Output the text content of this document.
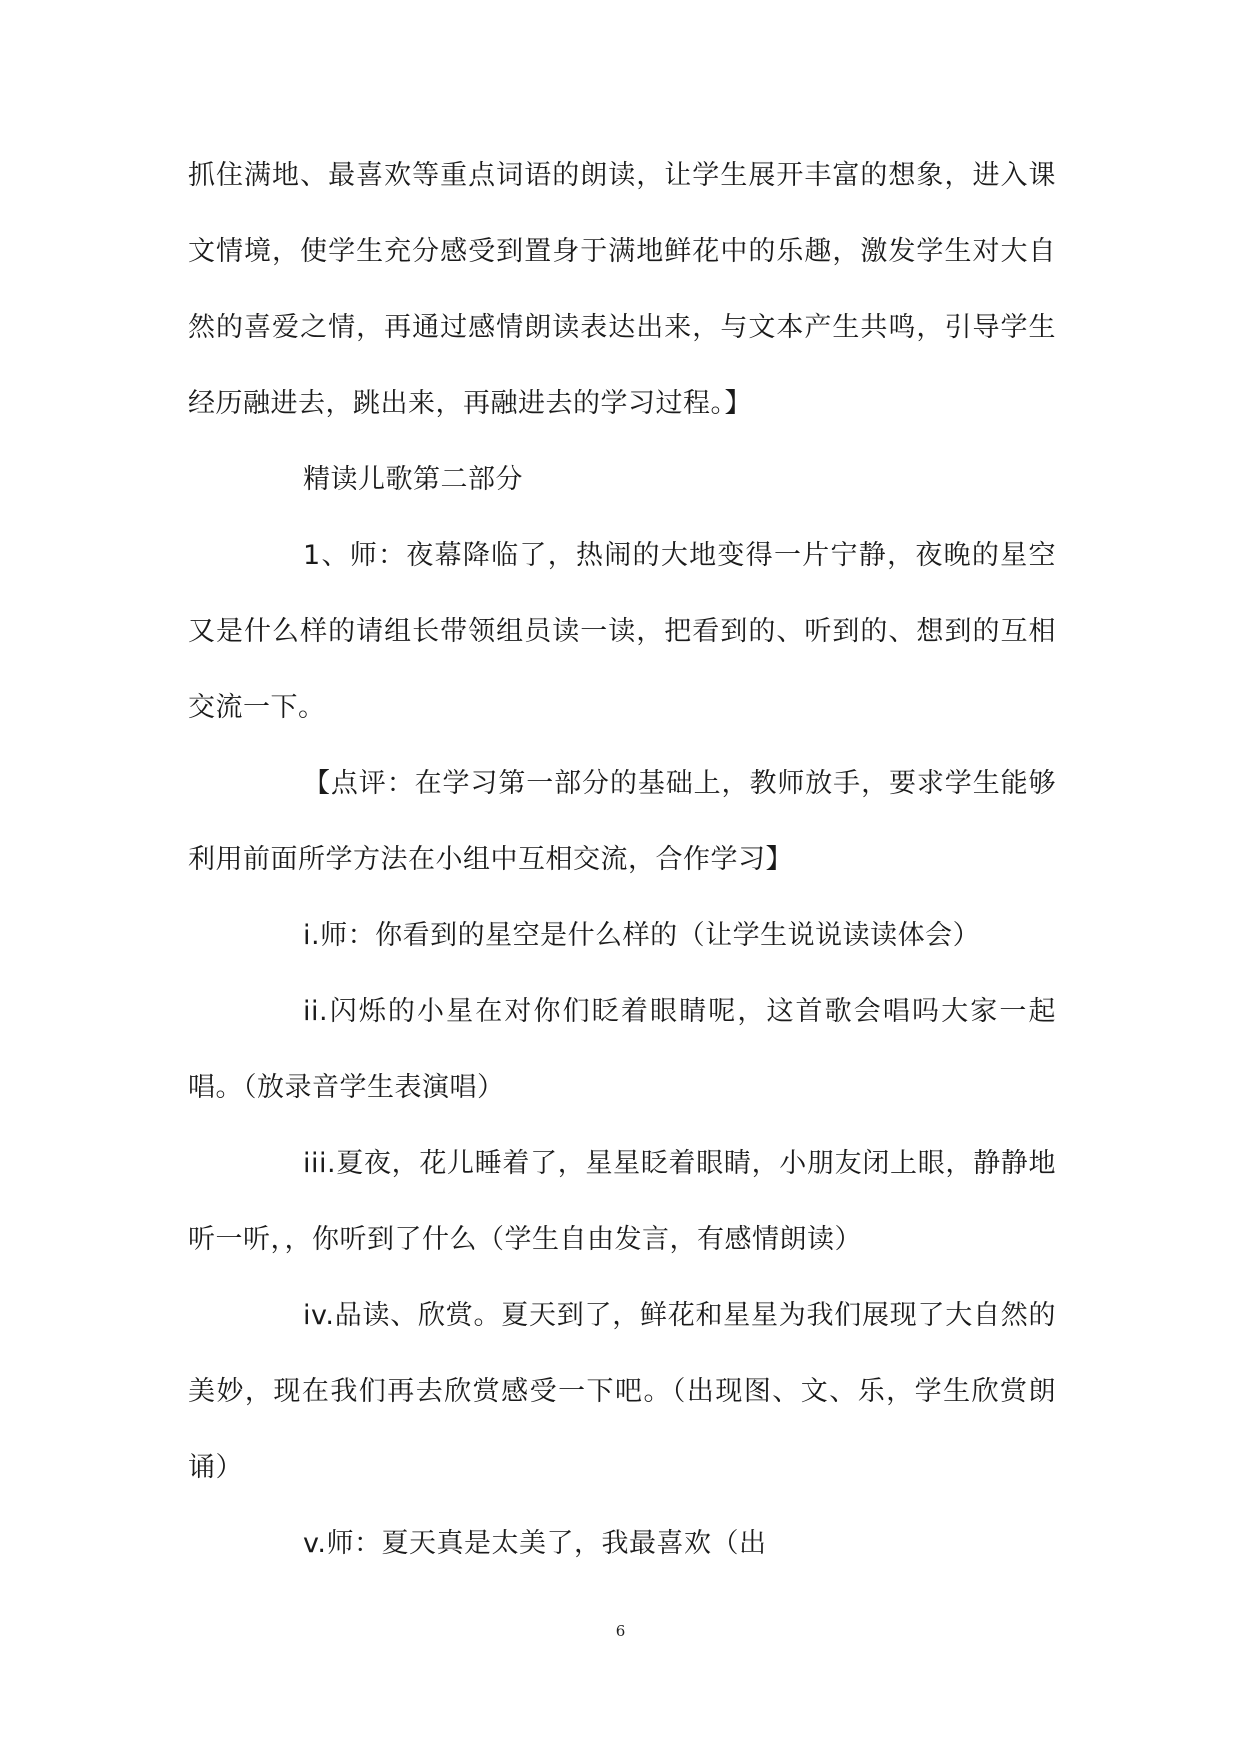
抓住满地、最喜欢等重点词语的朗读，让学生展开丰富的想象，进入课文情境，使学生充分感受到置身于满地鲜花中的乐趣，激发学生对大自然的喜爱之情，再通过感情朗读表达出来，与文本产生共鸣，引导学生经历融进去，跳出来，再融进去的学习过程。】

精读儿歌第二部分

1、师：夜幕降临了，热闹的大地变得一片宁静，夜晚的星空又是什么样的请组长带领组员读一读，把看到的、听到的、想到的互相交流一下。

【点评：在学习第一部分的基础上，教师放手，要求学生能够利用前面所学方法在小组中互相交流，合作学习】

i.师：你看到的星空是什么样的（让学生说说读读体会）

ii.闪烁的小星在对你们眨着眼睛呢，这首歌会唱吗大家一起唱。（放录音学生表演唱）

iii.夏夜，花儿睡着了，星星眨着眼睛，小朋友闭上眼，静静地听一听，，你听到了什么（学生自由发言，有感情朗读）

iv.品读、欣赏。夏天到了，鲜花和星星为我们展现了大自然的美妙，现在我们再去欣赏感受一下吧。（出现图、文、乐，学生欣赏朗诵）

v.师：夏天真是太美了，我最喜欢（出

6
